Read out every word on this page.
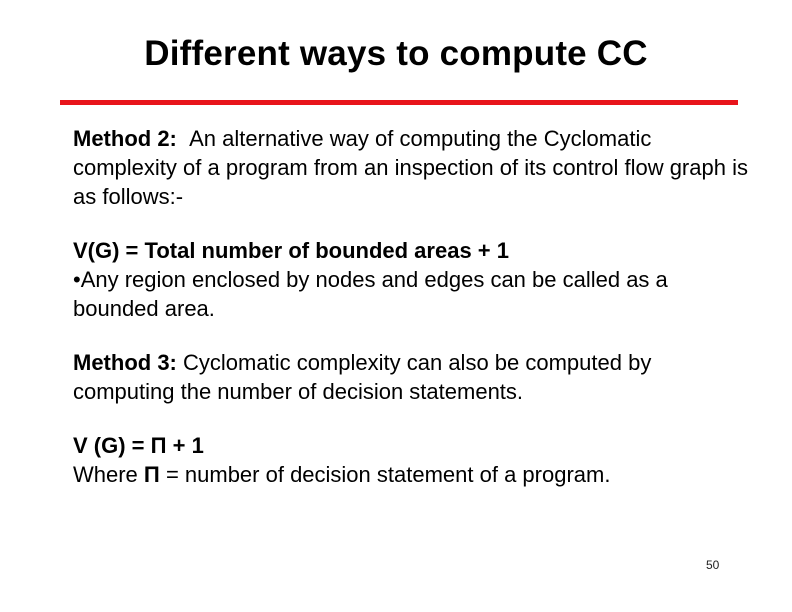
Different ways to compute CC

Method 2: An alternative way of computing the Cyclomatic complexity of a program from an inspection of its control flow graph is as follows:-

V(G) = Total number of bounded areas + 1
•Any region enclosed by nodes and edges can be called as a bounded area.

Method 3: Cyclomatic complexity can also be computed by computing the number of decision statements.

V (G) = Π + 1
Where Π = number of decision statement of a program.

50
